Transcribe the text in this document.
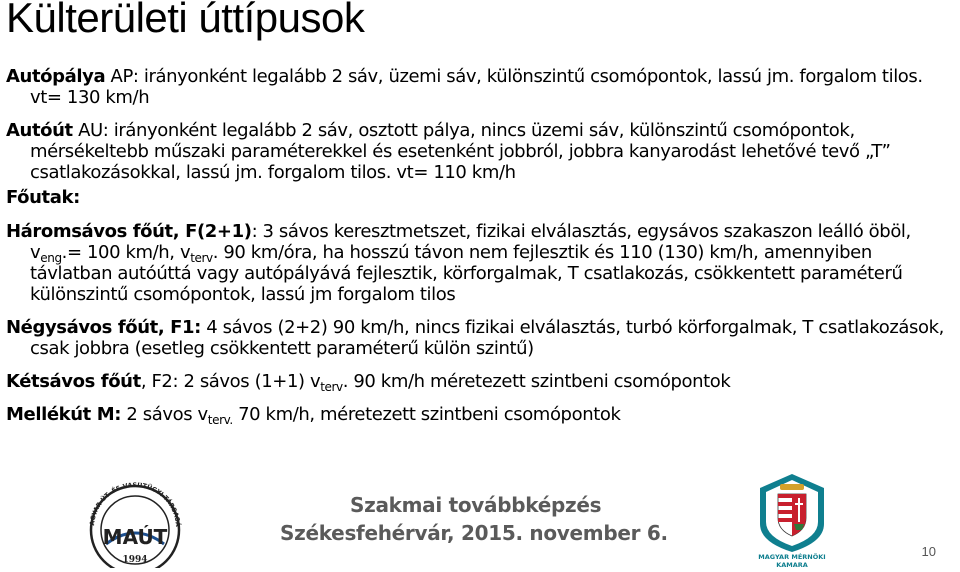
Külterületi úttípusok

Autópálya AP: irányonként legalább 2 sáv, üzemi sáv, különszintű csomópontok, lassú jm. forgalom tilos. vt= 130 km/h

Autóút AU: irányonként legalább 2 sáv, osztott pálya, nincs üzemi sáv, különszintű csomópontok, mérsékeltebb műszaki paraméterekkel és esetenként jobbról, jobbra kanyarodást lehetővé tevő „T” csatlakozásokkal, lassú jm. forgalom tilos. vt= 110 km/h

Főutak:

Háromsávos főút, F(2+1): 3 sávos keresztmetszet, fizikai elválasztás, egysávos szakaszon leálló öböl, $v_{eng}.= 100$ km/h, $v_{terv}$. 90 km/óra, ha hosszú távon nem fejlesztik és 110 (130) km/h, amennyiben távlatban autóúttá vagy autópályává fejlesztik, körforgalmak, T csatlakozás, csökkentett paraméterű különszintű csomópontok, lassú jm forgalom tilos

Négysávos főút, F1: 4 sávos (2+2) 90 km/h, nincs fizikai elválasztás, turbó körforgalmak, T csatlakozások, csak jobbra (esetleg csökkentett paraméterű külön szintű)

Kétsávos főút, F2: 2 sávos (1+1) $v_{terv}$. 90 km/h méretezett szintbeni csomópontok

Mellékút M: 2 sávos $v_{terv.}$ 70 km/h, méretezett szintbeni csomópontok

AGYAR ÚT- ÉS VASÚTÜGYI TÁRSASÁ
MAÚT
1994
Szakmai továbbképzés
Székesfehérvár, 2015. november 6.
MAGYAR MÉRNÖKI
KAMARA
10
